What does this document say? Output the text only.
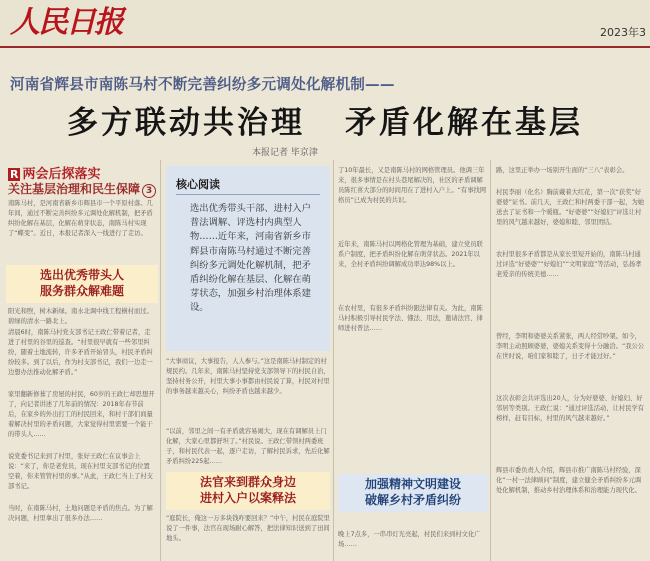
人民日报	2023年3
河南省辉县市南陈马村不断完善纠纷多元调处化解机制——
多方联动共治理 矛盾化解在基层
本报记者 毕京津
R 两会后探落实
关注基层治理和民生保障 3
南陈马村，是河南省新乡市辉县市一个平原村落。几年间，通过不断完善纠纷多元调处化解机制，把矛盾纠纷化解在基层，化解在萌芽状态，南陈马村实现了“蝶变”。近日，本报记者深入一线进行了走访。
选出优秀带头人
服务群众解难题
阳光和煦，树木新绿。南水北调中线工程横村而过。碧绿的清水一路北上。
清晨6时，南陈马村党支部书记王政仁带着记者，走进了村里的谷里的巡查。“村里很早就有一些邻里纠纷，随着土地流转，许多矛盾开始冒头，村民矛盾纠纷较多。到了以后，作为村支部书记，我们一边走一边想办法推动化解矛盾。”
家里翻新修葺了房屋的村民，60岁的王政仁却思想开了，向记者讲述了几年前的情况：2018年春节前后，在家乡的外出打工的村民回来，和村干部们商量着解决村里的矛盾问题，大家觉得村里需要一个能干的带头人……
说党委书记来到了村里，张好王政仁在议事会上说：“来了，你是老党员，现在村里支部书记的位置空着，你来管管村里的事。”从此，王政仁当上了村支部书记。
当时，在南陈马村，土地问题是矛盾的焦点。为了解决问题，村里拿出了很多办法……
核心阅读
选出优秀带头干部、进村入户普法调解、评选村内典型人物……近年来，河南省新乡市辉县市南陈马村通过不断完善纠纷多元调处化解机制，把矛盾纠纷化解在基层、化解在萌芽状态，加强乡村治理体系建设。
“大事商议，大事报告，人人参与。”这是南陈马村制定的村规民约。几年来，南陈马村坚持党支部领导下的村民自治，坚持村务公开，村里大事小事都由村民说了算，村民对村里的事务越来越关心，纠纷矛盾也越来越少。
“以前，邻里之间一有矛盾就容易闹大，现在有调解员上门化解，大家心里都舒坦了。”村民说。王政仁带领村两委班子，和村民代表一起，逐户走访，了解村民诉求，先后化解矛盾纠纷225起……
法官来到群众身边
进村入户以案释法
“庭院长，俺这一万多块钱咋要回来？”中午，村民在庭院里说了一件事，法官在现场耐心解答，把法律知识送到了田间地头。
了10年最长，又是南陈马村的网格管理员。他调三年来，很多事情是在村头巷尾解决的，社区的矛盾调解员陈红喜大部分的时间用在了进村入户上。“有事找网格员”已成为村民的共识。
近年来，南陈马村以网格化管理为基础，建立党员联系户制度，把矛盾纠纷化解在萌芽状态。2021年以来，全村矛盾纠纷调解成功率达98%以上。
在农村里，有很多矛盾纠纷跟法律有关。为此，南陈马村积极引导村民学法、懂法、用法，邀请法官、律师进村普法……
加强精神文明建设
破解乡村矛盾纠纷
晚上7点多，一串串灯光亮起，村民们来到村文化广场……
路，这里正举办一场别开生面的“三八”表彰会。
村民李丽（化名）胸前戴着大红花，第一次“获奖”好婆婆”证书。前几天，王政仁和村两委干部一起，为她送去了证书和一个暖瓶。“好婆婆”“好媳妇”评选让村里的风气越来越好，婆媳和睦、邻里团结。
农村里很多矛盾都是从家长里短开始的，南陈马村通过评选“好婆婆”“好媳妇”“文明家庭”等活动，弘扬孝老爱亲的传统美德……
曾经，李明和婆婆关系紧张，两人经常吵架。如今，李明主动照顾婆婆，婆媳关系变得十分融洽。“我公公在世时说，咱们家和睦了，日子才能过好。”
这次表彰会共评选出20人，分为好婆婆、好媳妇、好邻居等类别。王政仁说：“通过评选活动，让村民学有榜样，赶有目标，村里的风气越来越好。”
辉县市委负责人介绍，辉县市推广南陈马村经验，深化“一村一法律顾问”制度，建立健全矛盾纠纷多元调处化解机制，推动乡村治理体系和治理能力现代化。
